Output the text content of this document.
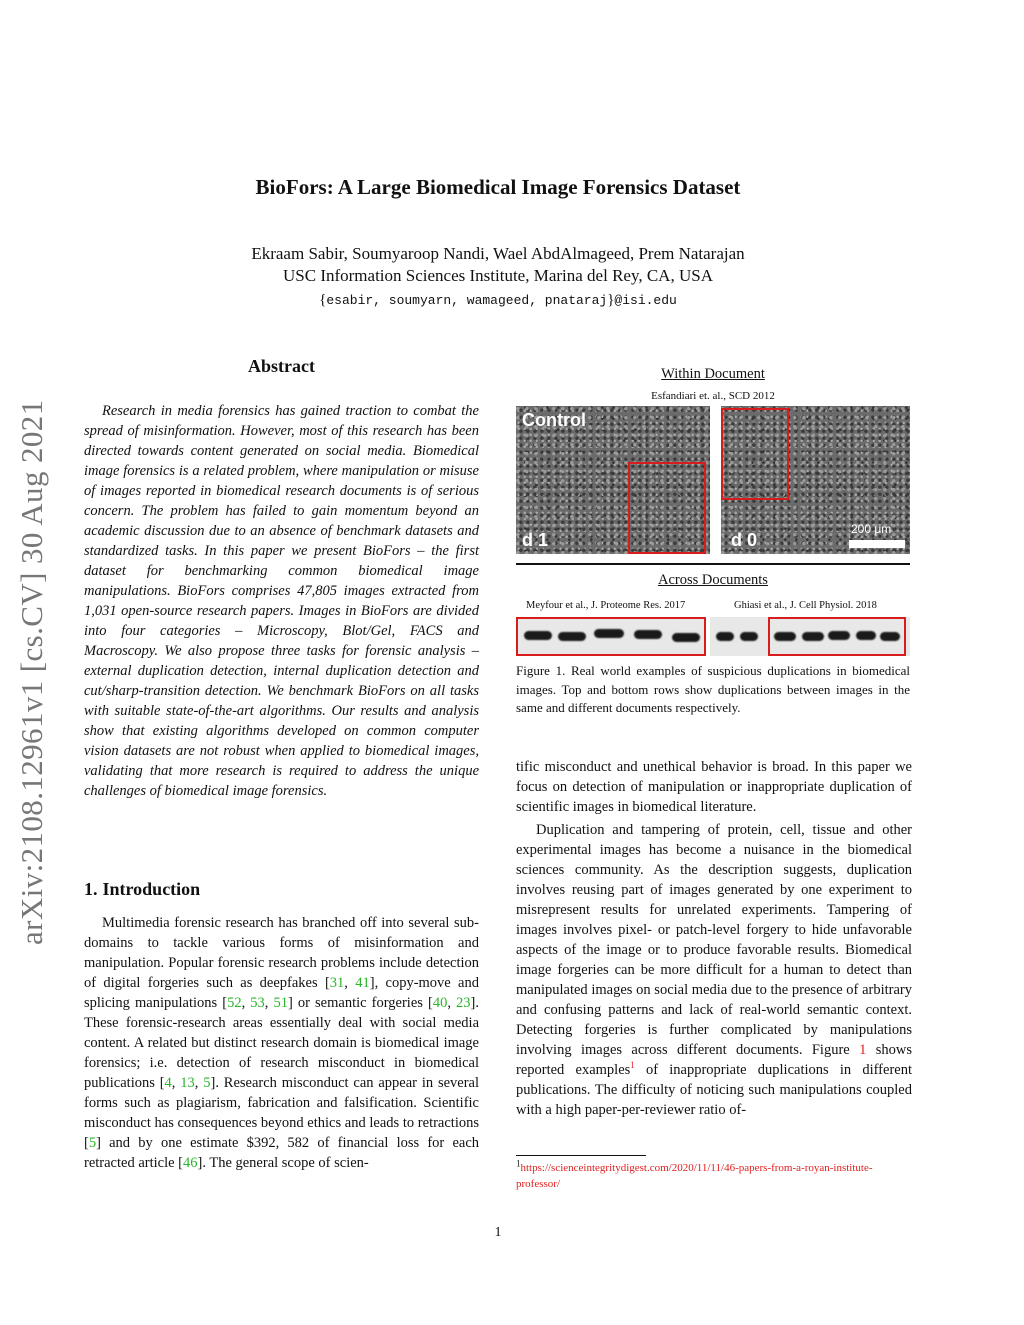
BioFors: A Large Biomedical Image Forensics Dataset
Ekraam Sabir, Soumyaroop Nandi, Wael AbdAlmageed, Prem Natarajan
USC Information Sciences Institute, Marina del Rey, CA, USA
{esabir, soumyarn, wamageed, pnataraj}@isi.edu
arXiv:2108.12961v1 [cs.CV] 30 Aug 2021
Abstract

Research in media forensics has gained traction to combat the spread of misinformation. However, most of this research has been directed towards content generated on social media. Biomedical image forensics is a related problem, where manipulation or misuse of images reported in biomedical research documents is of serious concern. The problem has failed to gain momentum beyond an academic discussion due to an absence of benchmark datasets and standardized tasks. In this paper we present BioFors – the first dataset for benchmarking common biomedical image manipulations. BioFors comprises 47,805 images extracted from 1,031 open-source research papers. Images in BioFors are divided into four categories – Microscopy, Blot/Gel, FACS and Macroscopy. We also propose three tasks for forensic analysis – external duplication detection, internal duplication detection and cut/sharp-transition detection. We benchmark BioFors on all tasks with suitable state-of-the-art algorithms. Our results and analysis show that existing algorithms developed on common computer vision datasets are not robust when applied to biomedical images, validating that more research is required to address the unique challenges of biomedical image forensics.

1. Introduction

Multimedia forensic research has branched off into several sub-domains to tackle various forms of misinformation and manipulation. Popular forensic research problems include detection of digital forgeries such as deepfakes [31, 41], copy-move and splicing manipulations [52, 53, 51] or semantic forgeries [40, 23]. These forensic-research areas essentially deal with social media content. A related but distinct research domain is biomedical image forensics; i.e. detection of research misconduct in biomedical publications [4, 13, 5]. Research misconduct can appear in several forms such as plagiarism, fabrication and falsification. Scientific misconduct has consequences beyond ethics and leads to retractions [5] and by one estimate $392, 582 of financial loss for each retracted article [46]. The general scope of scien-

Within Document
Esfandiari et. al., SCD 2012
Control
d 1	d 0
200 μm
Across Documents
Meyfour et al., J. Proteome Res. 2017	Ghiasi et al., J. Cell Physiol. 2018

Figure 1. Real world examples of suspicious duplications in biomedical images. Top and bottom rows show duplications between images in the same and different documents respectively.

tific misconduct and unethical behavior is broad. In this paper we focus on detection of manipulation or inappropriate duplication of scientific images in biomedical literature.

Duplication and tampering of protein, cell, tissue and other experimental images has become a nuisance in the biomedical sciences community. As the description suggests, duplication involves reusing part of images generated by one experiment to misrepresent results for unrelated experiments. Tampering of images involves pixel- or patch-level forgery to hide unfavorable aspects of the image or to produce favorable results. Biomedical image forgeries can be more difficult for a human to detect than manipulated images on social media due to the presence of arbitrary and confusing patterns and lack of real-world semantic context. Detecting forgeries is further complicated by manipulations involving images across different documents. Figure 1 shows reported examples$^1$ of inappropriate duplications in different publications. The difficulty of noticing such manipulations coupled with a high paper-per-reviewer ratio of-

$^1$https://scienceintegritydigest.com/2020/11/11/46-papers-from-a-royan-institute-professor/

1
